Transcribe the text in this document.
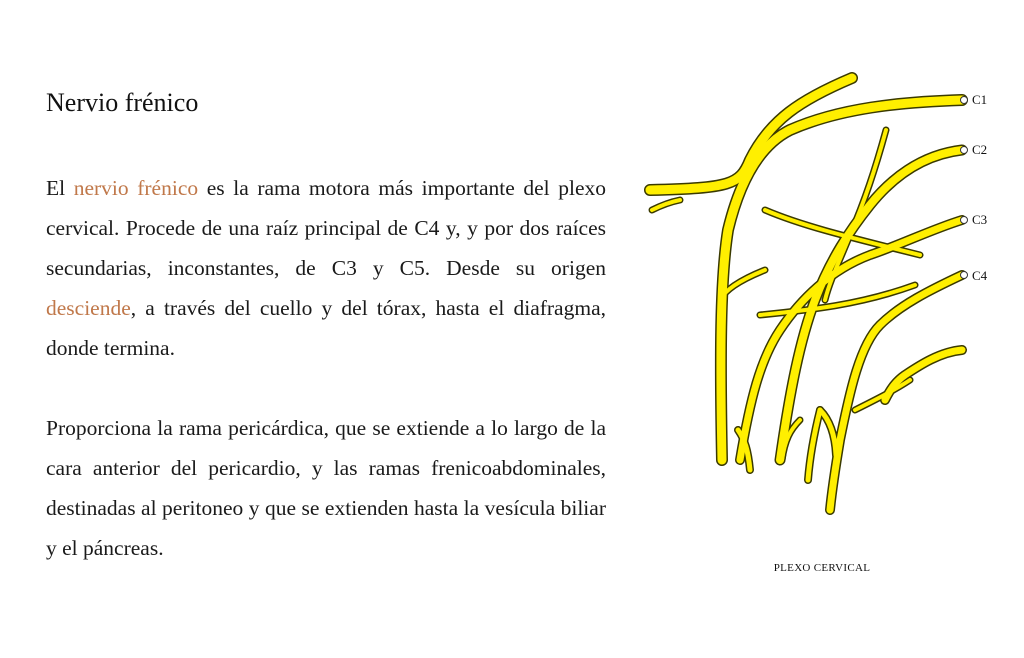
Nervio frénico

El nervio frénico es la rama motora más importante del plexo cervical. Procede de una raíz principal de C4 y, y por dos raíces secundarias, inconstantes, de C3 y C5. Desde su origen desciende, a través del cuello y del tórax, hasta el diafragma, donde termina.

Proporciona la rama pericárdica, que se extiende a lo largo de la cara anterior del pericardio, y las ramas frenicoabdominales, destinadas al peritoneo y que se extienden hasta la vesícula biliar y el páncreas.

C1
C2
C3
C4
PLEXO CERVICAL
